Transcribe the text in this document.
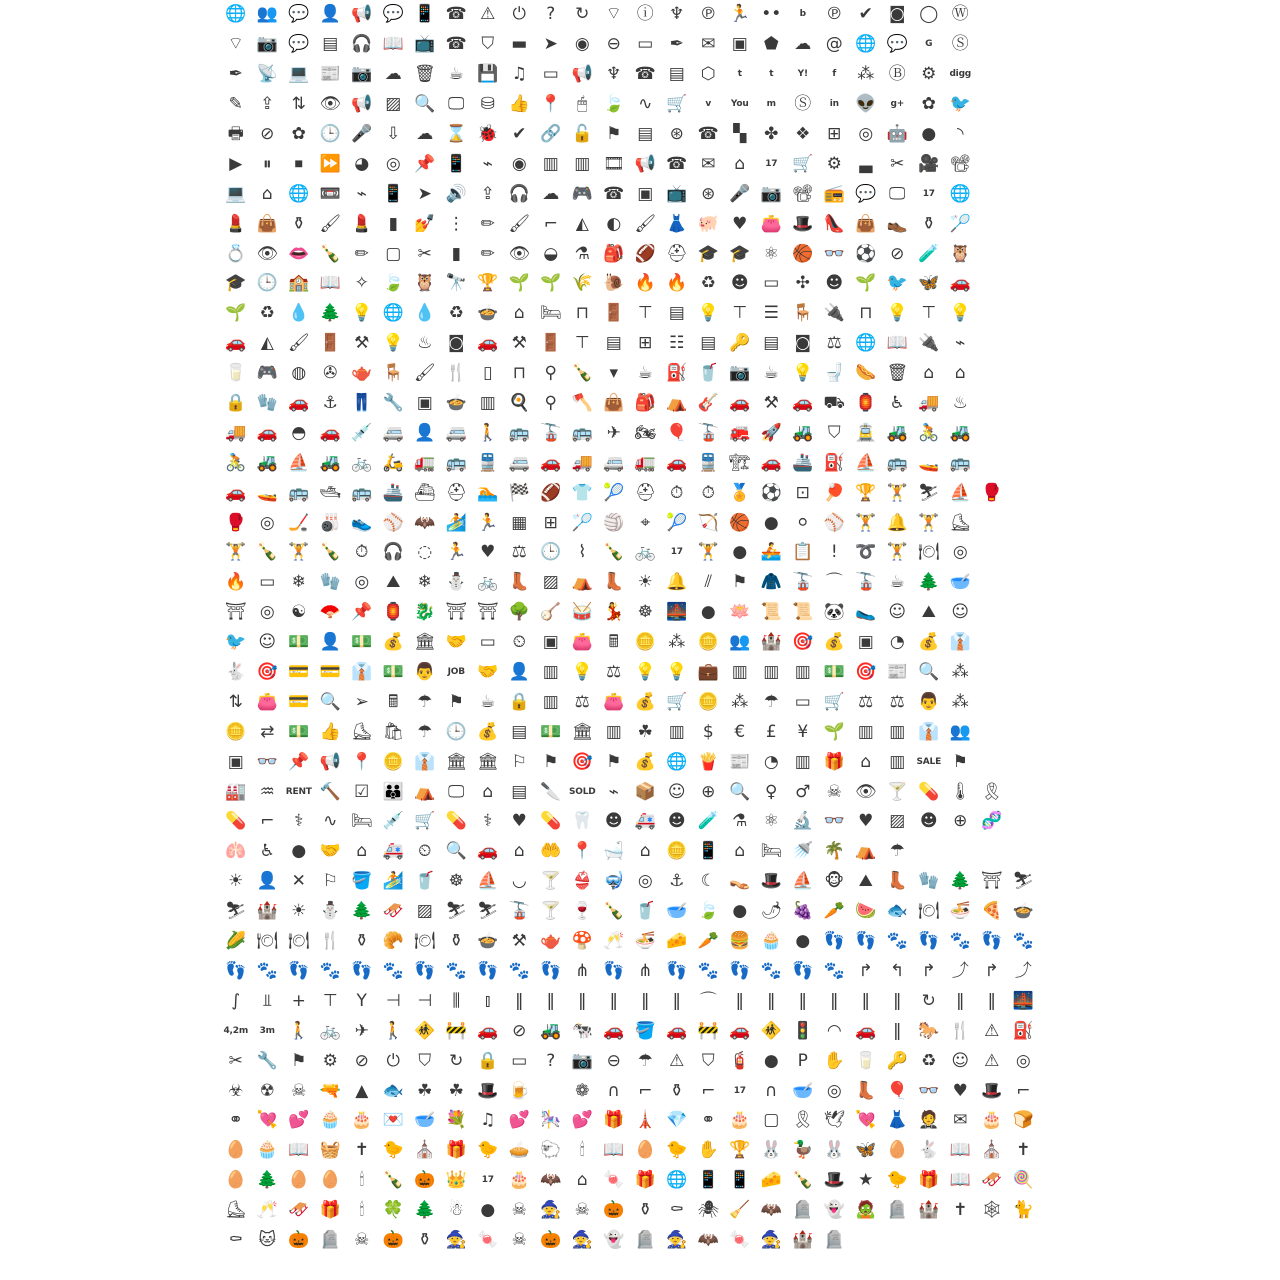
🌐 👥 💬 👤 📢 💬 📱 ☎ ⚠ ⏻ ? ↻ ⌔ ⓘ ♆ ℗ 🏃 •• b ℗ ✔ ◙ ◯ Ⓦ
⌔ 📷 💬 ▤ 🎧 📖 📺 ☎ ⛉ ▬ ➤ ◉ ⊖ ▭ ✒ ✉ ▣ ⬟ ☁ @ 🌐 💬 G Ⓢ
✒ 📡 💻 📰 📷 ☁ 🗑 ☕ 💾 ♫ ▭ 📢 ♆ ☎ ▤ ⬡ t	t	Y!	f ⁂ Ⓑ ⚙ digg
✎ ⇪ ⇅ 👁 📢 ▨ 🔍 🖵 ⛁ 👍 📍 🖱 🍃 ∿ 🛒 v You m Ⓢ in 👽 g+ ✿ 🐦
🖶 ⊘ ✿ 🕒 🎤 ⇩ ☁ ⌛ 🐞 ✔ 🔗 🔓 ⚑ ▤ ⊛ ☎ ▚ ✤ ❖ ⊞ ◎ 🤖 ● ◝
▶ ⏸ ⏹ ⏩ ◕ ◎ 📌 📱 ⌁ ◉ ▥ ▥ 🎞 📢 ☎ ✉ ⌂ 17 🛒 ⚙ ▃ ✂ 🎥 📽
💻 ⌂ 🌐 📼 ⌁ 📱 ➤ 🔊 ⇪ 🎧 ☁ 🎮 ☎ ▣ 📺 ⊛ 🎤 📷 📽 📻 💬 🖵 17 🌐
💄 👜 ⚱ 🖌 💄 ▮ 💅 ⋮ ✏ 🖌 ⌐ ◭ ◐ 🖌 👗 🐖 ♥ 👛 🎩 👠 👜 👞 ⚱ 🏸
💍 👁 👄 🍾 ✏ ▢ ✂ ▮ ✏ 👁 ◒ ⚗ 🎒 🏈 ⛑ 🎓 🎓 ⚛ 🏀 👓 ⚽ ⊘ 🧪 🦉
🎓 🕒 🏫 📖 ✧ 🍃 🦉 🔭 🏆 🌱 🌱 🌾 🐌 🔥 🔥 ♻ ☻ ▭ ✣ ☻ 🌱 🐦 🦋 🚗
🌱 ♻ 💧 🌲 💡 🌐 💧 ♻ 🍲 ⌂ 🛏 ⊓ 🚪 ⊤ ▤ 💡 ⊤ ☰ 🪑 🔌 ⊓ 💡 ⊤ 💡
🚗 ◭ 🖌 🚪 ⚒ 💡 ♨ ◙ 🚗 ⚒ 🚪 ⊤ ▤ ⊞ ☷ ▤ 🔑 ▤ ◙ ⚖ 🌐 📖 🔌 ⌁
🥛 🎮 ◍ ✇ 🫖 🪑 🖌 🍴 ▯ ⊓ ⚲ 🍾 ▾ ☕ ⛽ 🥤 📷 ☕ 💡 🚽 🌭 🗑 ⌂ ⌂
🔒 🧤 🚗 ⚓ 👖 🔧 ▣ 🍲 ▥ 🍳 ⚲ 🪓 👜 🎒 ⛺ 🎸 🚗 ⚒ 🚗 ⛟ 🏮 ♿ 🚚 ♨
🚚 🚗 ◓ 🚗 💉 🚐 👤 🚐 🚶 🚌 🚡 🚌 ✈ 🏍 🎈 🚡 🚒 🚀 🚜 ⛉ 🚊 🚜 🚴 🚜
🚴 🚜 ⛵ 🚜 🚲 🛵 🚛 🚌 🚆 🚐 🚗 🚚 🚐 🚛 🚗 🚆 🏗 🚗 🚢 ⛽ ⛵ 🚌 🚤 🚌
🚗 🚤 🚌 🛥 🚌 🚢 ⛴ ⛑ 🏊 🏁 🏈 👕 🎾 ⛑ ⏱ ⏱ 🏅 ⚽ ⊡ 🏓 🏆 🏋 ⛷ ⛵ 🥊
🥊 ◎ 🏒 🎳 👟 ⚾ 🦇 🏄 🏃 ▦ ⊞ 🏸 🏐 ⌖ 🎾 🏹 🏀 ● ⚪ ⚾ 🏋 🔔 🏋 ⛸
🏋 🍾 🏋 🍾 ⏱ 🎧 ◌ 🏃 ♥ ⚖ 🕒 ⌇ 🍾 🚲 17 🏋 ● 🚣 📋 ! ➰ 🏋 🍽 ◎
🔥 ▭ ❄ 🧤 ◎ ⛰ ❄ ⛄ 🚲 👢 ▨ ⛺ 👢 ☀ 🔔 ⫽ ⚑ 🧥 🚡 ⌒ 🚡 ☕ 🌲 🥣
⛩ ◎ ☯ 🪭 📌 🏮 🐉 ⛩ ⛩ 🌳 🪕 🥁 💃 ☸ 🌉 ● 🪷 📜 📜 🐼 🥿 ☺ ⛰ ☺
🐦 ☺ 💵 👤 💵 💰 🏛 🤝 ▭ ⏲ ▣ 👛 🖩 🪙 ⁂ 🪙 👥 🏰 🎯 💰 ▣ ◔ 💰 👔
🐇 🎯 💳 💳 👔 💵 👨 JOB 🤝 👤 ▥ 💡 ⚖ 💡 💡 💼 ▥ ▥ ▥ 💵 🎯 📰 🔍 ⁂
⇅ 👛 💳 🔍 ➢ 🖩 ☂ ⚑ ☕ 🔒 ▥ ⚖ 👛 💰 🛒 🪙 ⁂ ☂ ▭ 🛒 ⚖ ⚖ 👨 ⁂
🪙 ⇄ 💵 👍 ⛸ 🛍 ☂ 🕒 💰 ▤ 💵 🏛 ▥ ☘ ▥ $ € £ ¥ 🌱 ▥ ▥ 👔 👥
▣ 👓 📌 📢 📍 🪙 👔 🏛 🏛 ⚐ ⚑ 🎯 ⚑ 💰 🌐 🍟 📰 ◔ ▥ 🎁 ⌂ ▥ SALE ⚑
🏭 ♒ RENT 🔨 ☑ 👪 ⛺ 🖵 ⌂ ▤ 🔪 SOLD ⌁ 📦 ☺ ⊕ 🔍 ♀ ♂ ☠ 👁 🍸 💊 🌡 🎗
💊 ⌐ ⚕ ∿ 🛏 💉 🛒 💊 ⚕ ♥ 💊 🦷 ☻ 🚑 ☻ 🧪 ⚗ ⚛ 🔬 👓 ♥ ▨ ☻ ⊕ 🧬
🫁 ♿ ● 🤝 ⌂ 🚑 ⏲ 🔍 🚗 ⌂ 🤲 📍 🛁 ⌂ 🪙 📱 ⌂ 🛏 🚿 🌴 ⛺ ☂
☀ 👤 ✕ ⚐ 🪣 🏄 🥤 ☸ ⛵ ◡ 🍸 👙 🤿 ◎ ⚓ ☾ 👡 🎩 ⛵ 🐵 ⛰ 👢 🧤 🌲 ⛩ ⛷
⛷ 🏰 ☀ ⛄ 🌲 🛷 ▨ ⛷ ⛷ 🚡 🍸 🍷 🍾 🥤 🥣 🍃 ● 🌶 🍇 🥕 🍉 🐟 🍽 🍜 🍕 🍲
🌽 🍽 🍽 🍴 ⚱ 🥐 🍽 ⚱ 🍲 ⚒ 🫖 🍄 🥂 🍜 🧀 🥕 🍔 🧁 ● 👣 👣 🐾 👣 🐾 👣 🐾
👣 🐾 👣 🐾 👣 🐾 👣 🐾 👣 🐾 👣 ⋔ 👣 ⋔ 👣 🐾 👣 🐾 👣 🐾 ↱ ↰ ↱ ⤴ ↱ ⤴
∫ ⫫ + ⊤ Y ⊣ ⊣ ⫼ ⫾ ‖ ‖ ‖ ‖ ‖ ‖ ⌒ ‖ ‖ ‖ ‖ ‖ ‖ ↻ ‖ ‖ 🌉
4,2m 3m 🚶 🚲 ✈ 🚶 🚸 🚧 🚗 ⊘ 🚜 🐄 🚗 🪣 🚗 🚧 🚗 🚸 🚦 ◠ 🚗 ‖ 🐎 🍴 ⚠ ⛽
✂ 🔧 ⚑ ⚙ ⊘ ⏻ ⛉ ↻ 🔒 ▭ ? 📷 ⊖ ☂ ⚠ ⛉ 🧯 ● P ✋ 🥛 🔑 ♻ ☺ ⚠ ◎
☣ ☢ ☠ 🔫 ▲ 🐟 ☘ ☘ 🎩 🍺	❁ ∩ ⌐ ⚱ ⌐ 17 ∩ 🥣 ◎ 👢 🎈 👓 ♥ 🎩 ⌐
⚭ 💘 💕 🧁 🎂 💌 🥣 💐 ♫ 💕 🎠 💕 🎁 🗼 💎 ⚭ 🎂 ▢ 🎗 🕊 💘 👗 🤵 ✉ 🎂 🍞
🥚 🧁 📖 🧺 ✝ 🐤 ⛪ 🎁 🐤 🥧 🐑 🕯 📖 🥚 🐤 ✋ 🏆 🐰 🦆 🐰 🦋 🥚 🐇 📖 ⛪ ✝
🥚 🌲 🥚 🥚 🕯 🍾 🎃 👑 17 🎂 🦇 ⌂ 🍬 🎁 🌐 📱 📱 🧀 🍾 🎩 ★ 🐤 🎁 📖 🛷 🍭
⛸ 🥂 🛷 🎁 🕯 🍀 🌲 ☃ ● ☠ 🧙 ☠ 🎃 ⚱ ⚰ 🕷 🧹 🦇 🪦 👻 🧟 🪦 🏰 ✝ 🕸 🐈
⚰ 🐱 🎃 🪦 ☠ 🎃 ⚱ 🧙 🍬 ☠ 🎃 🧙 👻 🪦 🧙 🦇 🍬 🧙 🏰 🪦
